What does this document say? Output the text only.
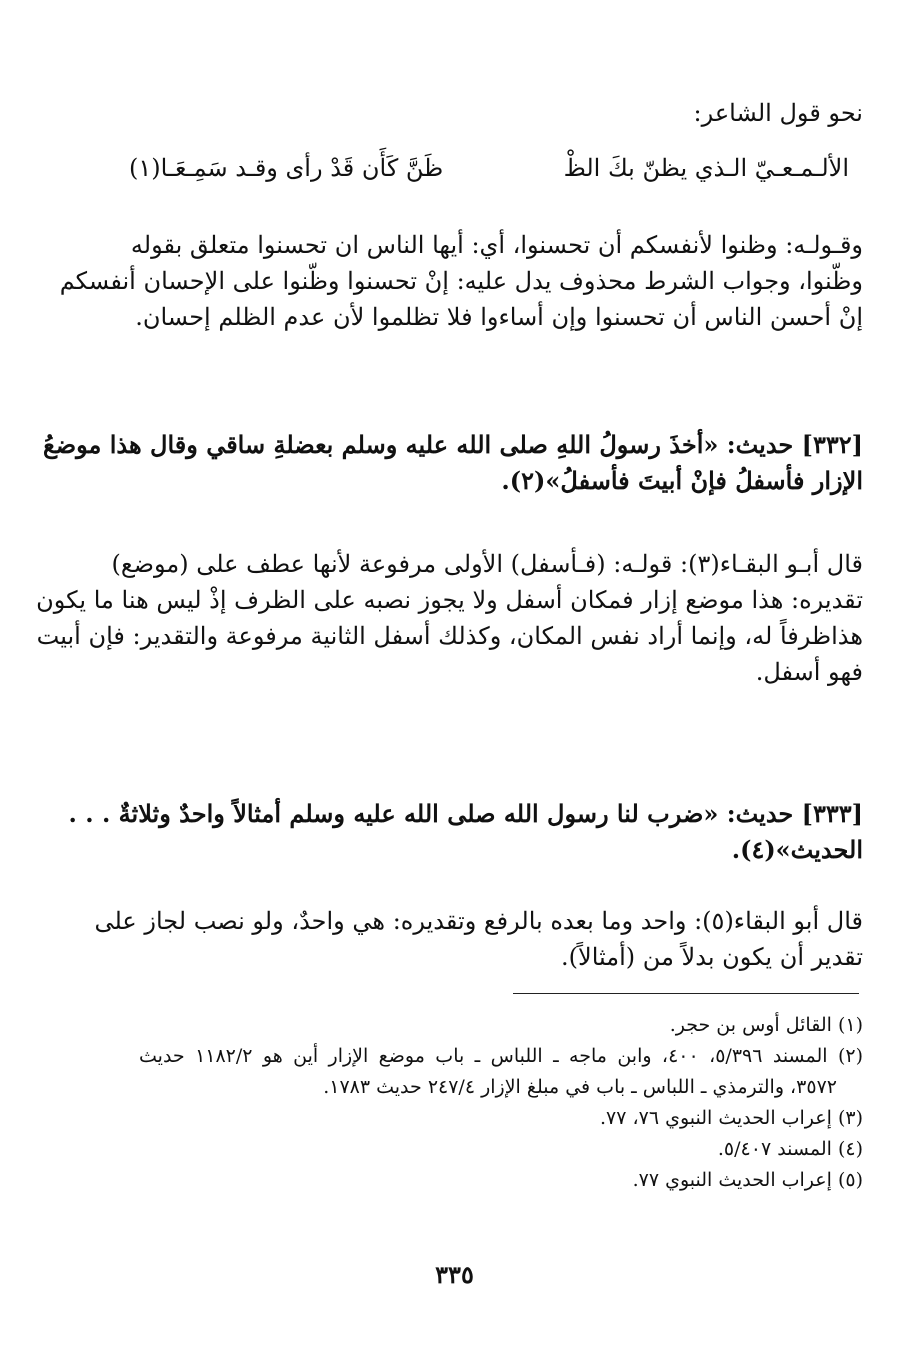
نحو قول الشاعر:
الألـمـعـيّ الـذي يظنّ بكَ الظْ
ظَنَّ كَأَن قَدْ رأى وقـد سَمِـعَـا(١)
وقـولـه: وظنوا لأنفسكم أن تحسنوا، أي: أيها الناس ان تحسنوا متعلق بقوله
وظّنوا، وجواب الشرط محذوف يدل عليه: إنْ تحسنوا وظّنوا على الإحسان أنفسكم
إنْ أحسن الناس أن تحسنوا وإن أساءوا فلا تظلموا لأن عدم الظلم إحسان.
[٣٣٢] حديث: «أخذَ رسولُ اللهِ صلى الله عليه وسلم بعضلةِ ساقي وقال هذا موضعُ
الإزار فأسفلُ فإنْ أبيتَ فأسفلُ»(٢).
قال أبـو البقـاء(٣): قولـه: (فـأسفل) الأولى مرفوعة لأنها عطف على (موضع)
تقديره: هذا موضع إزار فمكان أسفل ولا يجوز نصبه على الظرف إذْ ليس هنا ما يكون
هذاظرفاً له، وإنما أراد نفس المكان، وكذلك أسفل الثانية مرفوعة والتقدير: فإن أبيت
فهو أسفل.
[٣٣٣] حديث: «ضرب لنا رسول الله صلى الله عليه وسلم أمثالاً واحدٌ وثلاثةٌ . . .
الحديث»(٤).
قال أبو البقاء(٥): واحد وما بعده بالرفع وتقديره: هي واحدٌ، ولو نصب لجاز على
تقدير أن يكون بدلاً من (أمثالاً).
(١) القائل أوس بن حجر.
(٢) المسند ٥/٣٩٦، ٤٠٠، وابن ماجه ـ اللباس ـ باب موضع الإزار أين هو ١١٨٢/٢ حديث
٣٥٧٢، والترمذي ـ اللباس ـ باب في مبلغ الإزار ٢٤٧/٤ حديث ١٧٨٣.
(٣) إعراب الحديث النبوي ٧٦، ٧٧.
(٤) المسند ٥/٤٠٧.
(٥) إعراب الحديث النبوي ٧٧.
٣٣٥
